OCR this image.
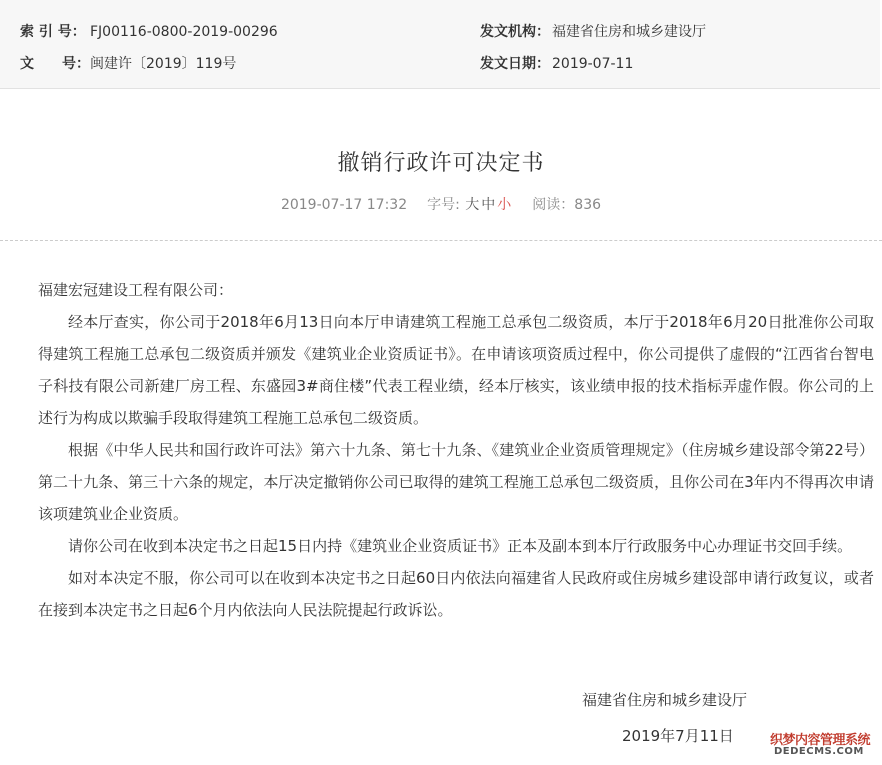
索 引 号： FJ00116-0800-2019-00296	发文机构： 福建省住房和城乡建设厅
文　　号：闽建许〔2019〕119号	发文日期： 2019-07-11
撤销行政许可决定书
2019-07-17 17:32 字号: 大 中 小 阅读：836

福建宏冠建设工程有限公司：

经本厅查实，你公司于2018年6月13日向本厅申请建筑工程施工总承包二级资质，本厅于2018年6月20日批准你公司取得建筑工程施工总承包二级资质并颁发《建筑业企业资质证书》。在申请该项资质过程中，你公司提供了虚假的“江西省台智电子科技有限公司新建厂房工程、东盛园3#商住楼”代表工程业绩，经本厅核实，该业绩申报的技术指标弄虚作假。你公司的上述行为构成以欺骗手段取得建筑工程施工总承包二级资质。

根据《中华人民共和国行政许可法》第六十九条、第七十九条、《建筑业企业资质管理规定》（住房城乡建设部令第22号）第二十九条、第三十六条的规定，本厅决定撤销你公司已取得的建筑工程施工总承包二级资质，且你公司在3年内不得再次申请该项建筑业企业资质。

请你公司在收到本决定书之日起15日内持《建筑业企业资质证书》正本及副本到本厅行政服务中心办理证书交回手续。

如对本决定不服，你公司可以在收到本决定书之日起60日内依法向福建省人民政府或住房城乡建设部申请行政复议，或者在接到本决定书之日起6个月内依法向人民法院提起行政诉讼。

福建省住房和城乡建设厅
2019年7月11日	织梦内容管理系统
DEDECMS.COM
